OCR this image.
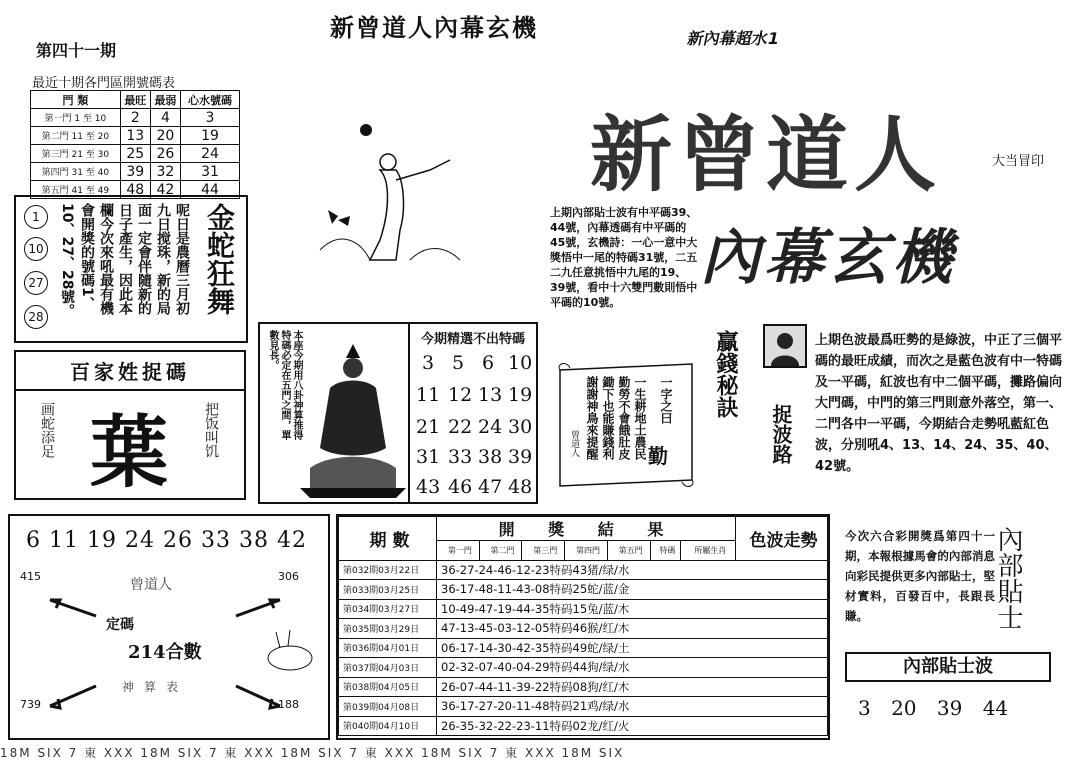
新曾道人內幕玄機
第四十一期
新內幕超水1
最近十期各門區開號碼表
門 類	最旺	最弱	心水號碼
第一門 1 至 10	2	4	3
第二門 11 至 20	13	20	19
第三門 21 至 30	25	26	24
第四門 31 至 40	39	32	31
第五門 41 至 49	48	42	44
1
10
27
28	10、27、28號。 會開獎的號碼1、 欄今次來吼最有機 日子產生，因此本 面一定會伴隨新的 九日搅珠，新的局 呢日是農曆三月初 金蛇狂舞
百家姓捉碼
葉
画蛇添足
把饭叫饥
新曾道人
內幕玄機
大当冒印
上期內部貼士波有中平碼39、44號，內幕透碼有中平碼的45號，玄機詩：一心一意中大獎悟中一尾的特碼31號，二五二九任意挑悟中九尾的19、39號，看中十六雙門數則悟中平碼的10號。
本座今期用八卦神算推得特碼必定在五門之間，單數見長。	今期精選不出特碼
3 5 6 10
11 12 13 19
21 22 24 30
31 33 38 39
43 46 47 48
一字之曰
勤
一生耕地土農民
勤勞不會餓肚皮
鋤下也能賺錢利
謝謝神鳥來提醒
曾道人
贏錢秘訣
捉波路
上期色波最爲旺勢的是綠波，中正了三個平碼的最旺成績，而次之是藍色波有中一特碼及一平碼，紅波也有中二個平碼，攤路偏向大門碼，中門的第三門則意外落空，第一、二門各中一平碼，今期結合走勢吼藍紅色波，分別吼4、13、14、24、35、40、42號。
6 11 19 24 26 33 38 42
415	306
739	188
曾道人
定碼
214合數
神算表
期 數	開 獎 結 果							色波走勢
	第一門	第二門	第三門	第四門	第五門	特碼	所屬生肖	
第032期03月22日	36-27-24-46-12-23特码43猪/绿/水							
第033期03月25日	36-17-48-11-43-08特码25蛇/蓝/金							
第034期03月27日	10-49-47-19-44-35特码15兔/蓝/木							
第035期03月29日	47-13-45-03-12-05特码46猴/红/木							
第036期04月01日	06-17-14-30-42-35特码49蛇/绿/土							
第037期04月03日	02-32-07-40-04-29特码44狗/绿/水							
第038期04月05日	26-07-44-11-39-22特码08狗/红/木							
第039期04月08日	36-17-27-20-11-48特码21鸡/绿/水							
第040期04月10日	26-35-32-22-23-11特码02龙/红/火							
今次六合彩開獎爲第四十一期，本報根據馬會的內部消息向彩民提供更多內部貼士，堅材實料，百發百中，長跟長賺。	內部貼士
內部貼士波
3 20 39 44
18M SIX 7 東 XXX 18M SIX 7 東 XXX 18M SIX 7 東 XXX 18M SIX 7 東 XXX 18M SIX
